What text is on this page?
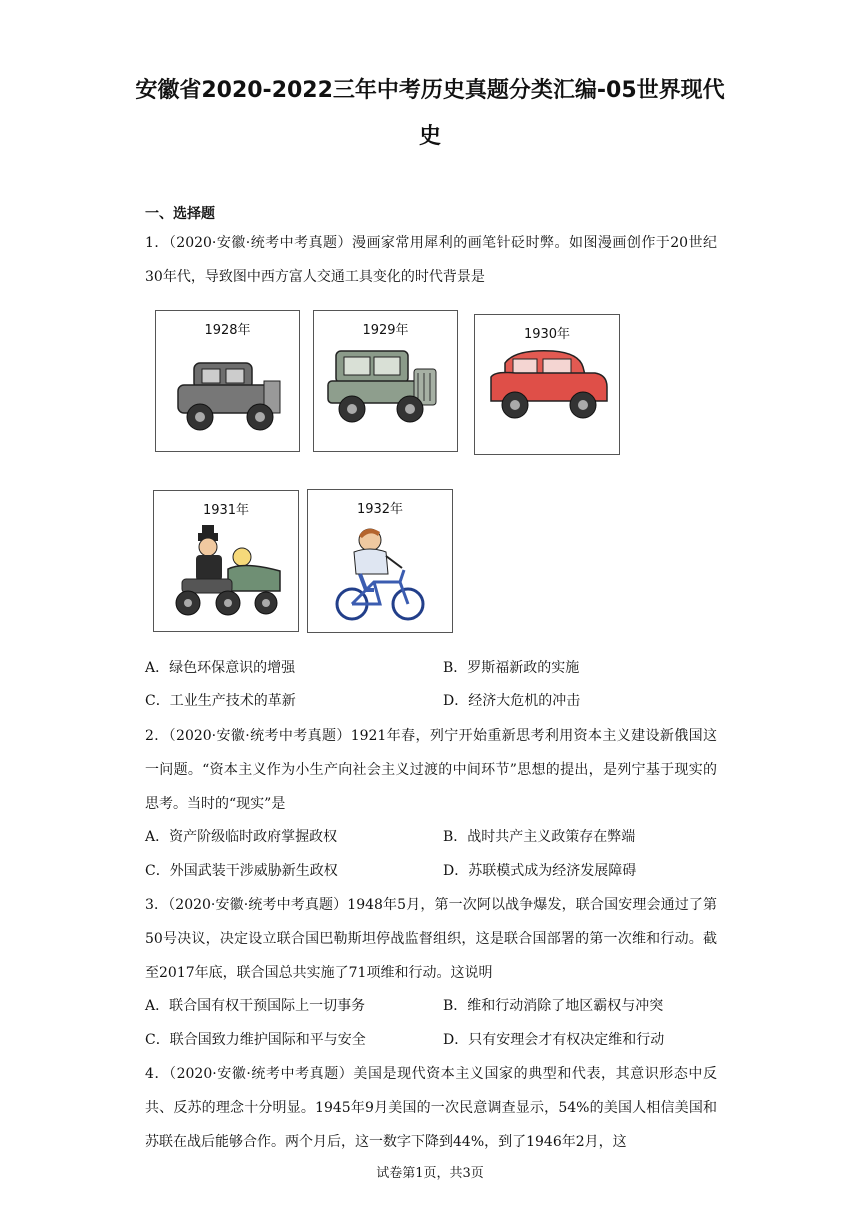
安徽省2020-2022三年中考历史真题分类汇编-05世界现代
史
一、选择题
1．（2020·安徽·统考中考真题）漫画家常用犀利的画笔针砭时弊。如图漫画创作于20世纪30年代，导致图中西方富人交通工具变化的时代背景是
1928年	1929年	1930年
1931年	1932年
A．绿色环保意识的增强	B．罗斯福新政的实施
C．工业生产技术的革新	D．经济大危机的冲击
2．（2020·安徽·统考中考真题）1921年春，列宁开始重新思考利用资本主义建设新俄国这一问题。“资本主义作为小生产向社会主义过渡的中间环节”思想的提出，是列宁基于现实的思考。当时的“现实”是
A．资产阶级临时政府掌握政权	B．战时共产主义政策存在弊端
C．外国武装干涉威胁新生政权	D．苏联模式成为经济发展障碍
3．（2020·安徽·统考中考真题）1948年5月，第一次阿以战争爆发，联合国安理会通过了第50号决议，决定设立联合国巴勒斯坦停战监督组织，这是联合国部署的第一次维和行动。截至2017年底，联合国总共实施了71项维和行动。这说明
A．联合国有权干预国际上一切事务	B．维和行动消除了地区霸权与冲突
C．联合国致力维护国际和平与安全	D．只有安理会才有权决定维和行动
4．（2020·安徽·统考中考真题）美国是现代资本主义国家的典型和代表，其意识形态中反共、反苏的理念十分明显。1945年9月美国的一次民意调查显示，54%的美国人相信美国和苏联在战后能够合作。两个月后，这一数字下降到44%，到了1946年2月，这
试卷第1页，共3页
